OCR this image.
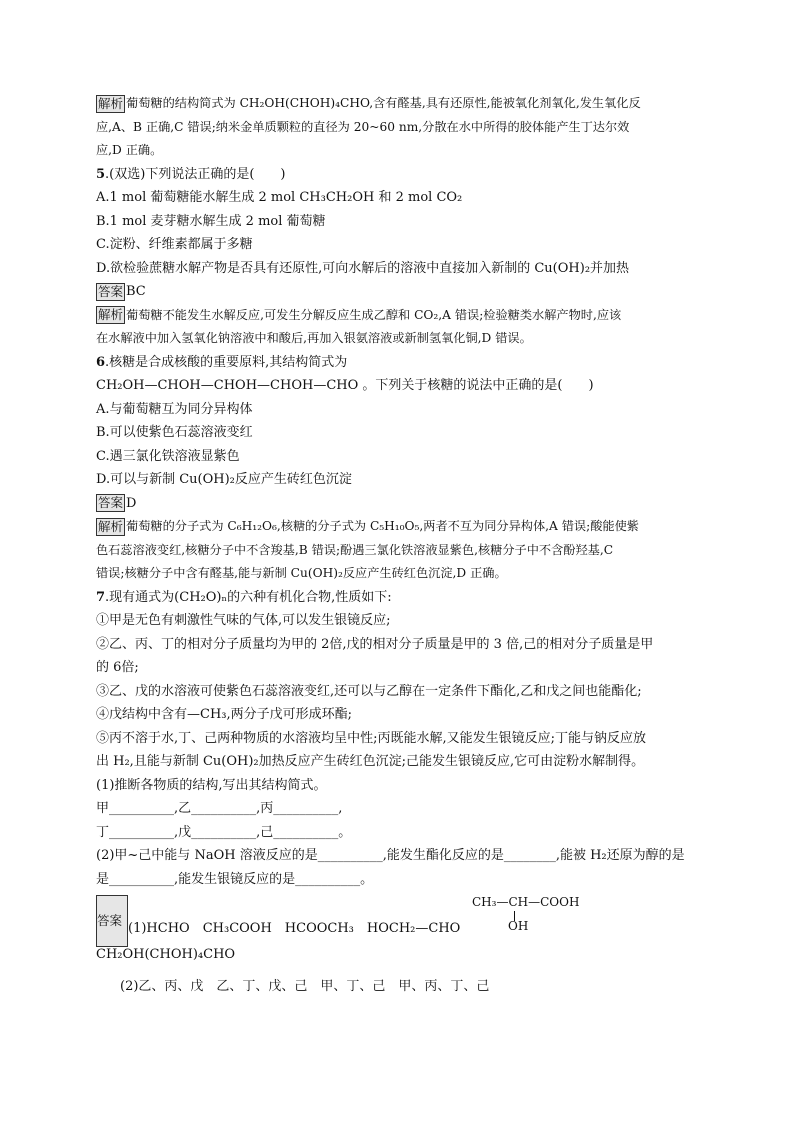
解析 葡萄糖的结构简式为 CH₂OH(CHOH)₄CHO,含有醛基,具有还原性,能被氧化剂氧化,发生氧化反
应,A、B 正确,C 错误;纳米金单质颗粒的直径为 20~60 nm,分散在水中所得的胶体能产生丁达尔效
应,D 正确。
5.(双选)下列说法正确的是(　　)
A.1 mol 葡萄糖能水解生成 2 mol CH₃CH₂OH 和 2 mol CO₂
B.1 mol 麦芽糖水解生成 2 mol 葡萄糖
C.淀粉、纤维素都属于多糖
D.欲检验蔗糖水解产物是否具有还原性,可向水解后的溶液中直接加入新制的 Cu(OH)₂并加热
答案 BC
解析 葡萄糖不能发生水解反应,可发生分解反应生成乙醇和 CO₂,A 错误;检验糖类水解产物时,应该
在水解液中加入氢氧化钠溶液中和酸后,再加入银氨溶液或新制氢氧化铜,D 错误。
6.核糖是合成核酸的重要原料,其结构简式为
CH₂OH—CHOH—CHOH—CHOH—CHO 。下列关于核糖的说法中正确的是(　　)
A.与葡萄糖互为同分异构体
B.可以使紫色石蕊溶液变红
C.遇三氯化铁溶液显紫色
D.可以与新制 Cu(OH)₂反应产生砖红色沉淀
答案 D
解析 葡萄糖的分子式为 C₆H₁₂O₆,核糖的分子式为 C₅H₁₀O₅,两者不互为同分异构体,A 错误;酸能使紫
色石蕊溶液变红,核糖分子中不含羧基,B 错误;酚遇三氯化铁溶液显紫色,核糖分子中不含酚羟基,C
错误;核糖分子中含有醛基,能与新制 Cu(OH)₂反应产生砖红色沉淀,D 正确。
7.现有通式为(CH₂O)ₙ的六种有机化合物,性质如下:
①甲是无色有刺激性气味的气体,可以发生银镜反应;
②乙、丙、丁的相对分子质量均为甲的 2倍,戊的相对分子质量是甲的 3 倍,己的相对分子质量是甲
的 6倍;
③乙、戊的水溶液可使紫色石蕊溶液变红,还可以与乙醇在一定条件下酯化,乙和戊之间也能酯化;
④戊结构中含有—CH₃,两分子戊可形成环酯;
⑤丙不溶于水,丁、己两种物质的水溶液均呈中性;丙既能水解,又能发生银镜反应;丁能与钠反应放
出 H₂,且能与新制 Cu(OH)₂加热反应产生砖红色沉淀;己能发生银镜反应,它可由淀粉水解制得。
(1)推断各物质的结构,写出其结构简式。
甲__________,乙__________,丙__________,
丁__________,戊__________,己__________。
(2)甲~己中能与 NaOH 溶液反应的是__________,能发生酯化反应的是________,能被 H₂还原为醇的是
是__________,能发生银镜反应的是__________。
答案
(1)HCHO　CH₃COOH　HCOOCH₃　HOCH₂—CHO
CH₃—CH—COOH
OH
CH₂OH(CHOH)₄CHO
(2)乙、丙、戊　乙、丁、戊、己　甲、丁、己　甲、丙、丁、己
